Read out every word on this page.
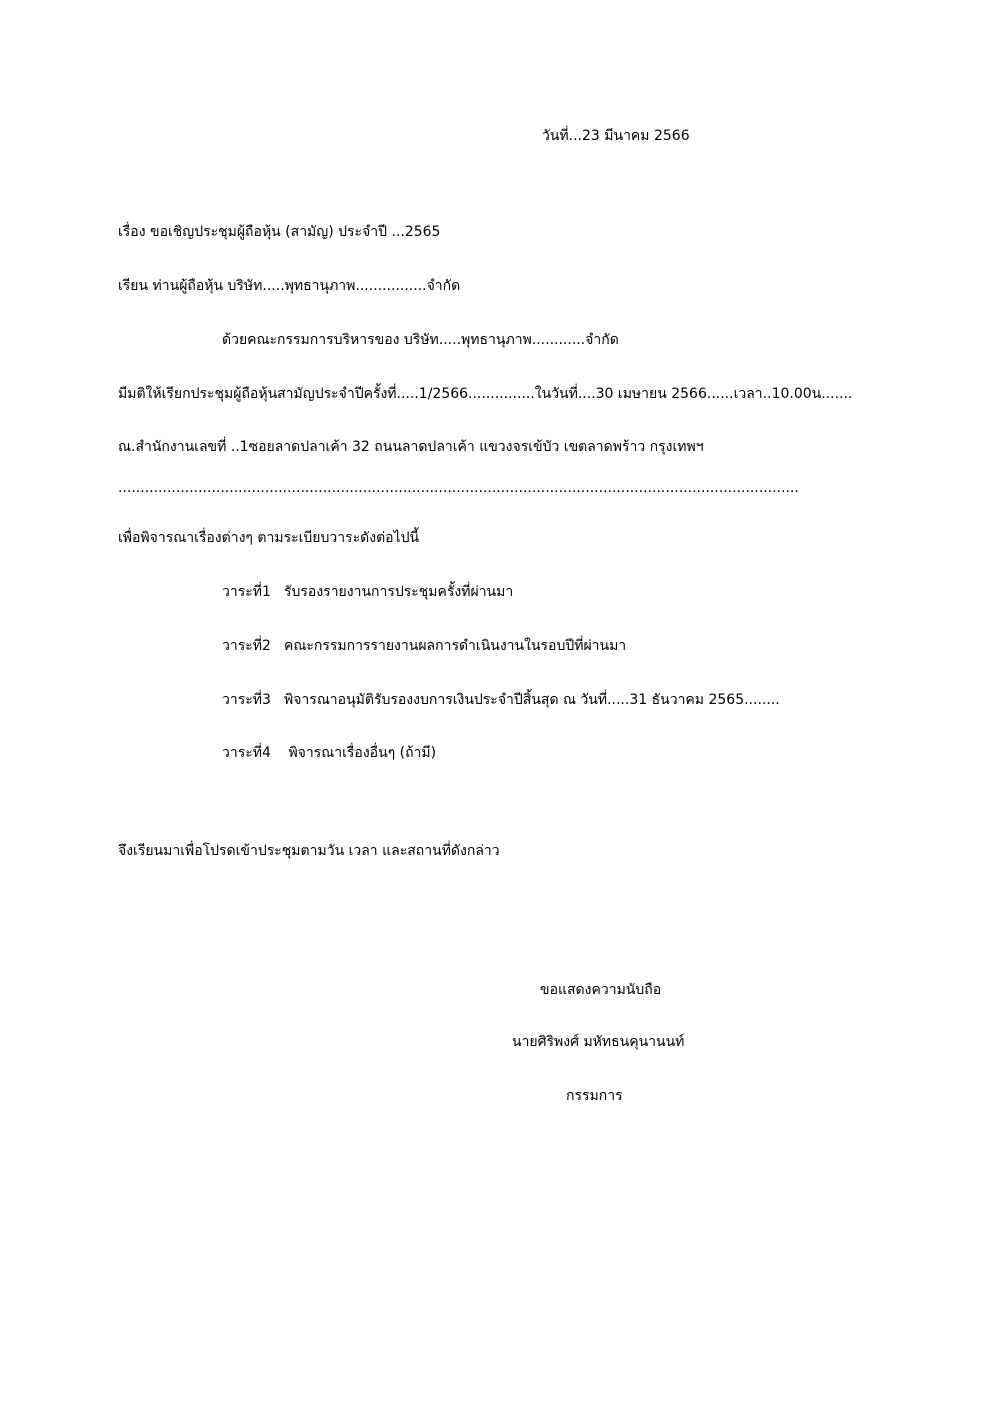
วันที่...23 มีนาคม 2566
เรื่อง ขอเชิญประชุมผู้ถือหุ้น (สามัญ) ประจำปี ...2565
เรียน ท่านผู้ถือหุ้น บริษัท.....พุทธานุภาพ................จำกัด
ด้วยคณะกรรมการบริหารของ บริษัท.....พุทธานุภาพ............จำกัด
มีมติให้เรียกประชุมผู้ถือหุ้นสามัญประจำปีครั้งที่.....1/2566...............ในวันที่....30 เมษายน 2566......เวลา..10.00น.......
ณ.สำนักงานเลขที่ ..1ซอยลาดปลาเค้า 32 ถนนลาดปลาเค้า แขวงจรเข้บัว เขตลาดพร้าว กรุงเทพฯ
.........................................................................................................................................................
เพื่อพิจารณาเรื่องต่างๆ ตามระเบียบวาระดังต่อไปนี้
วาระที่1 รับรองรายงานการประชุมครั้งที่ผ่านมา
วาระที่2 คณะกรรมการรายงานผลการดำเนินงานในรอบปีที่ผ่านมา
วาระที่3 พิจารณาอนุมัติรับรองงบการเงินประจำปีสิ้นสุด ณ วันที่.....31 ธันวาคม 2565........
วาระที่4 พิจารณาเรื่องอื่นๆ (ถ้ามี)
จึงเรียนมาเพื่อโปรดเข้าประชุมตามวัน เวลา และสถานที่ดังกล่าว
ขอแสดงความนับถือ
นายศิริพงศ์ มหัทธนคุนานนท์
กรรมการ
